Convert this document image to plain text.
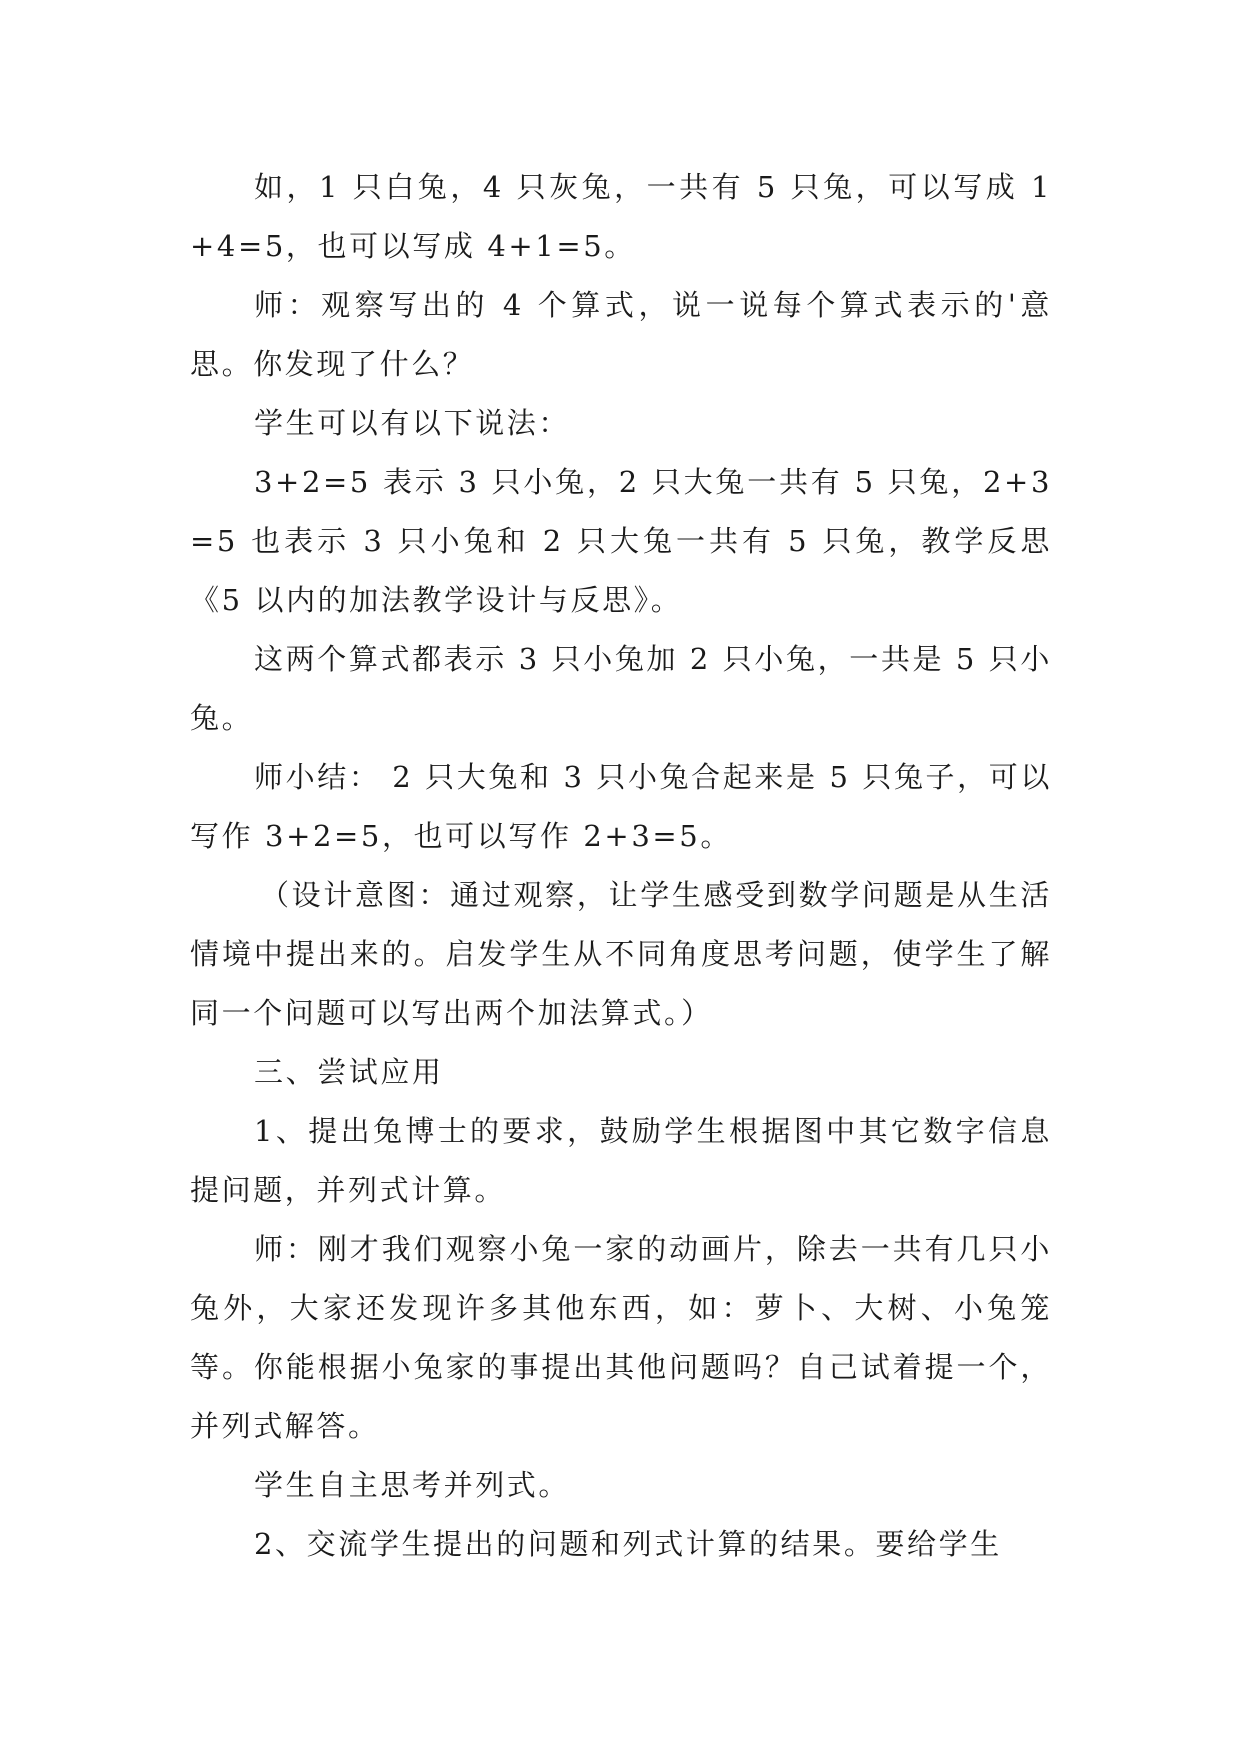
如，1 只白兔，4 只灰兔，一共有 5 只兔，可以写成 1+4=5，也可以写成 4+1=5。

师：观察写出的 4 个算式，说一说每个算式表示的'意思。你发现了什么？

学生可以有以下说法：

3+2=5 表示 3 只小兔，2 只大兔一共有 5 只兔，2+3=5 也表示 3 只小兔和 2 只大兔一共有 5 只兔，教学反思《5 以内的加法教学设计与反思》。

这两个算式都表示 3 只小兔加 2 只小兔，一共是 5 只小兔。

师小结： 2 只大兔和 3 只小兔合起来是 5 只兔子，可以写作 3+2=5，也可以写作 2+3=5。

（设计意图：通过观察，让学生感受到数学问题是从生活情境中提出来的。启发学生从不同角度思考问题，使学生了解同一个问题可以写出两个加法算式。）

三、尝试应用

1、提出兔博士的要求，鼓励学生根据图中其它数字信息提问题，并列式计算。

师：刚才我们观察小兔一家的动画片，除去一共有几只小兔外，大家还发现许多其他东西，如：萝卜、大树、小兔笼等。你能根据小兔家的事提出其他问题吗？自己试着提一个，并列式解答。

学生自主思考并列式。

2、交流学生提出的问题和列式计算的结果。要给学生
